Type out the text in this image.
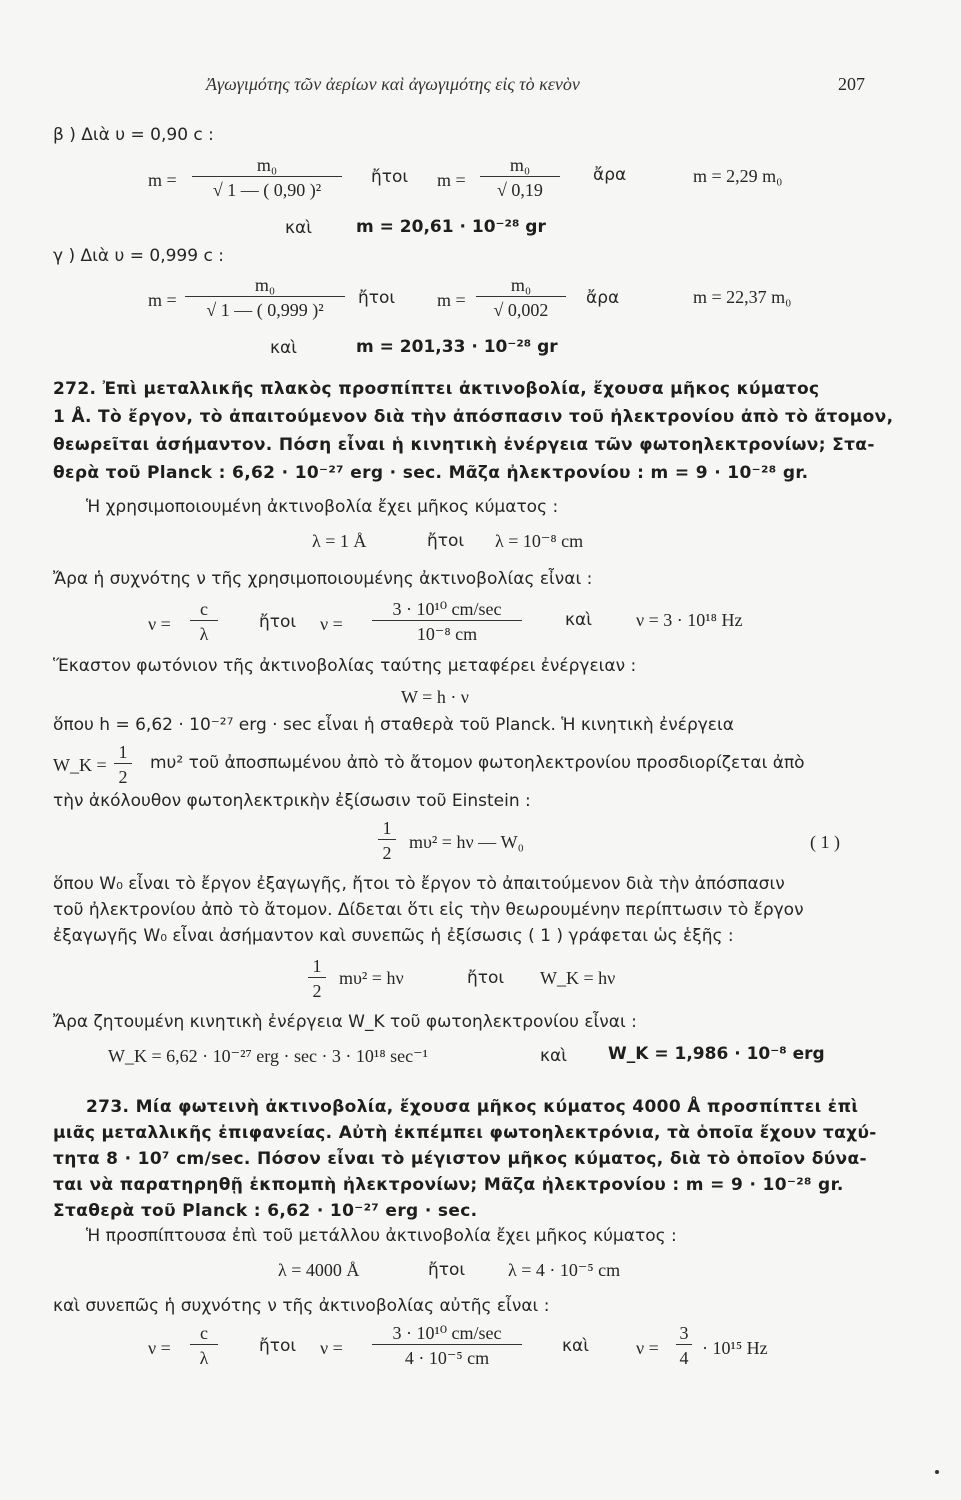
Ἀγωγιμότης τῶν ἀερίων καὶ ἀγωγιμότης εἰς τὸ κενὸν	207
β ) Διὰ υ = 0,90 c :
m =
m₀
√ 1 — ( 0,90 )²
ἤτοι m =
m₀
√ 0,19
ἄρα	m = 2,29 m₀
καὶ	m = 20,61 · 10⁻²⁸ gr
γ ) Διὰ υ = 0,999 c :
m =
m₀
√ 1 — ( 0,999 )²
ἤτοι m =
m₀
√ 0,002
ἄρα	m = 22,37 m₀
καὶ	m = 201,33 · 10⁻²⁸ gr
272. Ἐπὶ μεταλλικῆς πλακὸς προσπίπτει ἀκτινοβολία, ἔχουσα μῆκος κύματος
1 Å. Τὸ ἔργον, τὸ ἀπαιτούμενον διὰ τὴν ἀπόσπασιν τοῦ ἠλεκτρονίου ἀπὸ τὸ ἄτομον,
θεωρεῖται ἀσήμαντον. Πόση εἶναι ἡ κινητικὴ ἐνέργεια τῶν φωτοηλεκτρονίων; Στα-
θερὰ τοῦ Planck : 6,62 · 10⁻²⁷ erg · sec. Μᾶζα ἠλεκτρονίου : m = 9 · 10⁻²⁸ gr.
Ἡ χρησιμοποιουμένη ἀκτινοβολία ἔχει μῆκος κύματος :
λ = 1 Å	ἤτοι λ = 10⁻⁸ cm
Ἄρα ἡ συχνότης ν τῆς χρησιμοποιουμένης ἀκτινοβολίας εἶναι :
ν =
c
λ
ἤτοι ν =
3 · 10¹⁰ cm/sec
10⁻⁸ cm
καὶ ν = 3 · 10¹⁸ Hz
Ἕκαστον φωτόνιον τῆς ἀκτινοβολίας ταύτης μεταφέρει ἐνέργειαν :
W = h · ν
ὅπου h = 6,62 · 10⁻²⁷ erg · sec εἶναι ἡ σταθερὰ τοῦ Planck. Ἡ κινητικὴ ἐνέργεια
W_K =
1
2
mυ² τοῦ ἀποσπωμένου ἀπὸ τὸ ἄτομον φωτοηλεκτρονίου προσδιορίζεται ἀπὸ
τὴν ἀκόλουθον φωτοηλεκτρικὴν ἐξίσωσιν τοῦ Einstein :
1
2
mυ² = hν — W₀	( 1 )
ὅπου W₀ εἶναι τὸ ἔργον ἐξαγωγῆς, ἤτοι τὸ ἔργον τὸ ἀπαιτούμενον διὰ τὴν ἀπόσπασιν
τοῦ ἠλεκτρονίου ἀπὸ τὸ ἄτομον. Δίδεται ὅτι εἰς τὴν θεωρουμένην περίπτωσιν τὸ ἔργον
ἐξαγωγῆς W₀ εἶναι ἀσήμαντον καὶ συνεπῶς ἡ ἐξίσωσις ( 1 ) γράφεται ὡς ἑξῆς :
1
2
mυ² = hν	ἤτοι W_K = hν
Ἄρα ζητουμένη κινητικὴ ἐνέργεια W_K τοῦ φωτοηλεκτρονίου εἶναι :
W_K = 6,62 · 10⁻²⁷ erg · sec · 3 · 10¹⁸ sec⁻¹	καὶ W_K = 1,986 · 10⁻⁸ erg
273. Μία φωτεινὴ ἀκτινοβολία, ἔχουσα μῆκος κύματος 4000 Å προσπίπτει ἐπὶ
μιᾶς μεταλλικῆς ἐπιφανείας. Αὐτὴ ἐκπέμπει φωτοηλεκτρόνια, τὰ ὁποῖα ἔχουν ταχύ-
τητα 8 · 10⁷ cm/sec. Πόσον εἶναι τὸ μέγιστον μῆκος κύματος, διὰ τὸ ὁποῖον δύνα-
ται νὰ παρατηρηθῇ ἐκπομπὴ ἠλεκτρονίων; Μᾶζα ἠλεκτρονίου : m = 9 · 10⁻²⁸ gr.
Σταθερὰ τοῦ Planck : 6,62 · 10⁻²⁷ erg · sec.
Ἡ προσπίπτουσα ἐπὶ τοῦ μετάλλου ἀκτινοβολία ἔχει μῆκος κύματος :
λ = 4000 Å	ἤτοι λ = 4 · 10⁻⁵ cm
καὶ συνεπῶς ἡ συχνότης ν τῆς ἀκτινοβολίας αὐτῆς εἶναι :
ν =
c
λ
ἤτοι ν =
3 · 10¹⁰ cm/sec
4 · 10⁻⁵ cm
καὶ	ν =
3
4 · 10¹⁵ Hz
